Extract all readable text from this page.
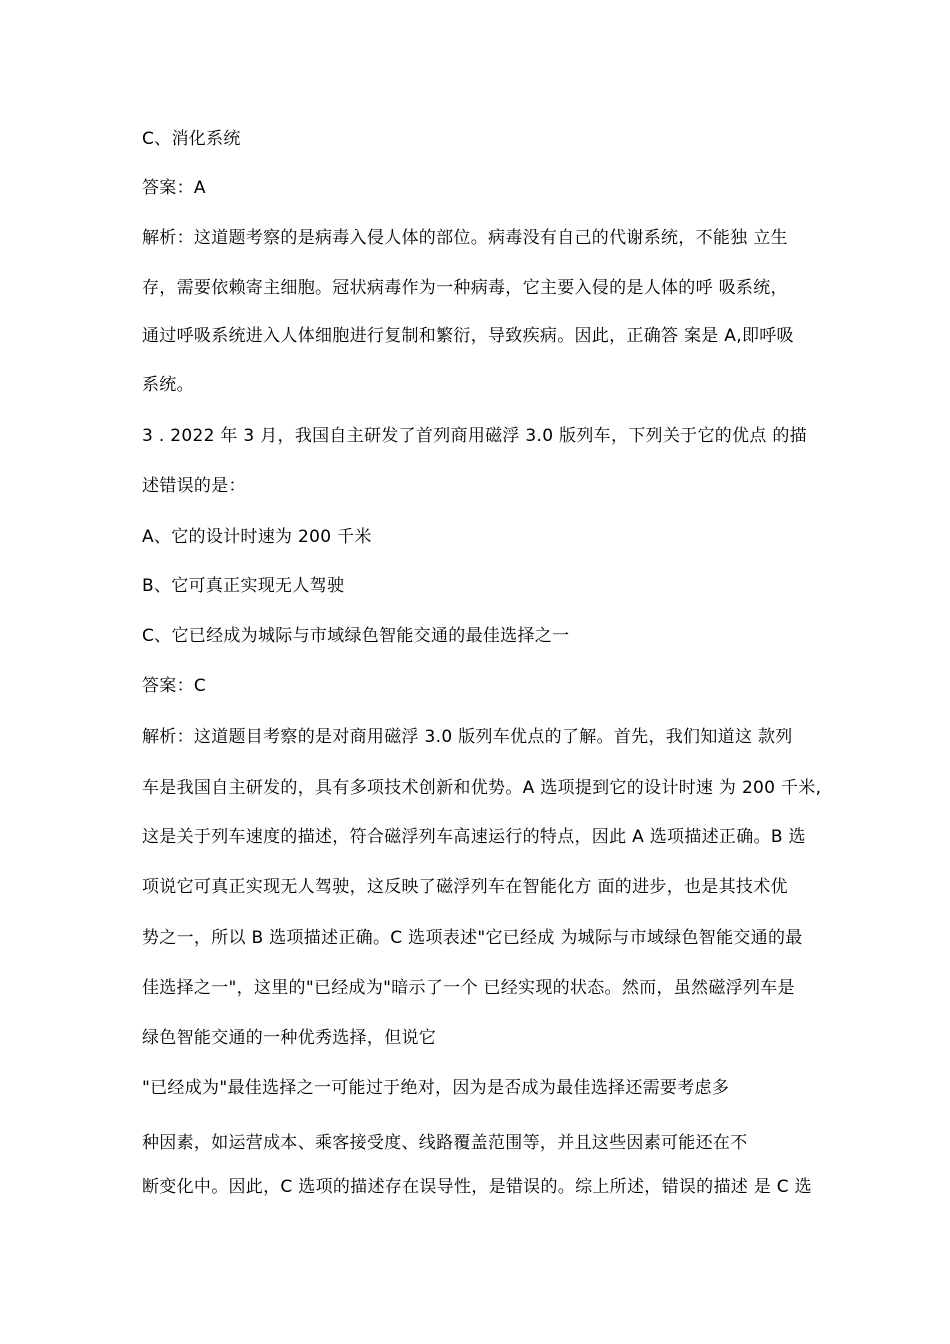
C、消化系统
答案：A
解析：这道题考察的是病毒入侵人体的部位。病毒没有自己的代谢系统，不能独 立生
存，需要依赖寄主细胞。冠状病毒作为一种病毒，它主要入侵的是人体的呼 吸系统，
通过呼吸系统进入人体细胞进行复制和繁衍，导致疾病。因此，正确答 案是 A,即呼吸
系统。
3 . 2022 年 3 月，我国自主研发了首列商用磁浮 3.0 版列车，下列关于它的优点 的描
述错误的是：
A、它的设计时速为 200 千米
B、它可真正实现无人驾驶
C、它已经成为城际与市域绿色智能交通的最佳选择之一
答案：C
解析：这道题目考察的是对商用磁浮 3.0 版列车优点的了解。首先，我们知道这 款列
车是我国自主研发的，具有多项技术创新和优势。A 选项提到它的设计时速 为 200 千米,
这是关于列车速度的描述，符合磁浮列车高速运行的特点，因此 A 选项描述正确。B 选
项说它可真正实现无人驾驶，这反映了磁浮列车在智能化方 面的进步，也是其技术优
势之一，所以 B 选项描述正确。C 选项表述"它已经成 为城际与市域绿色智能交通的最
佳选择之一"，这里的"已经成为"暗示了一个 已经实现的状态。然而，虽然磁浮列车是
绿色智能交通的一种优秀选择，但说它
"已经成为"最佳选择之一可能过于绝对，因为是否成为最佳选择还需要考虑多
种因素，如运营成本、乘客接受度、线路覆盖范围等，并且这些因素可能还在不
断变化中。因此，C 选项的描述存在误导性，是错误的。综上所述，错误的描述 是 C 选
